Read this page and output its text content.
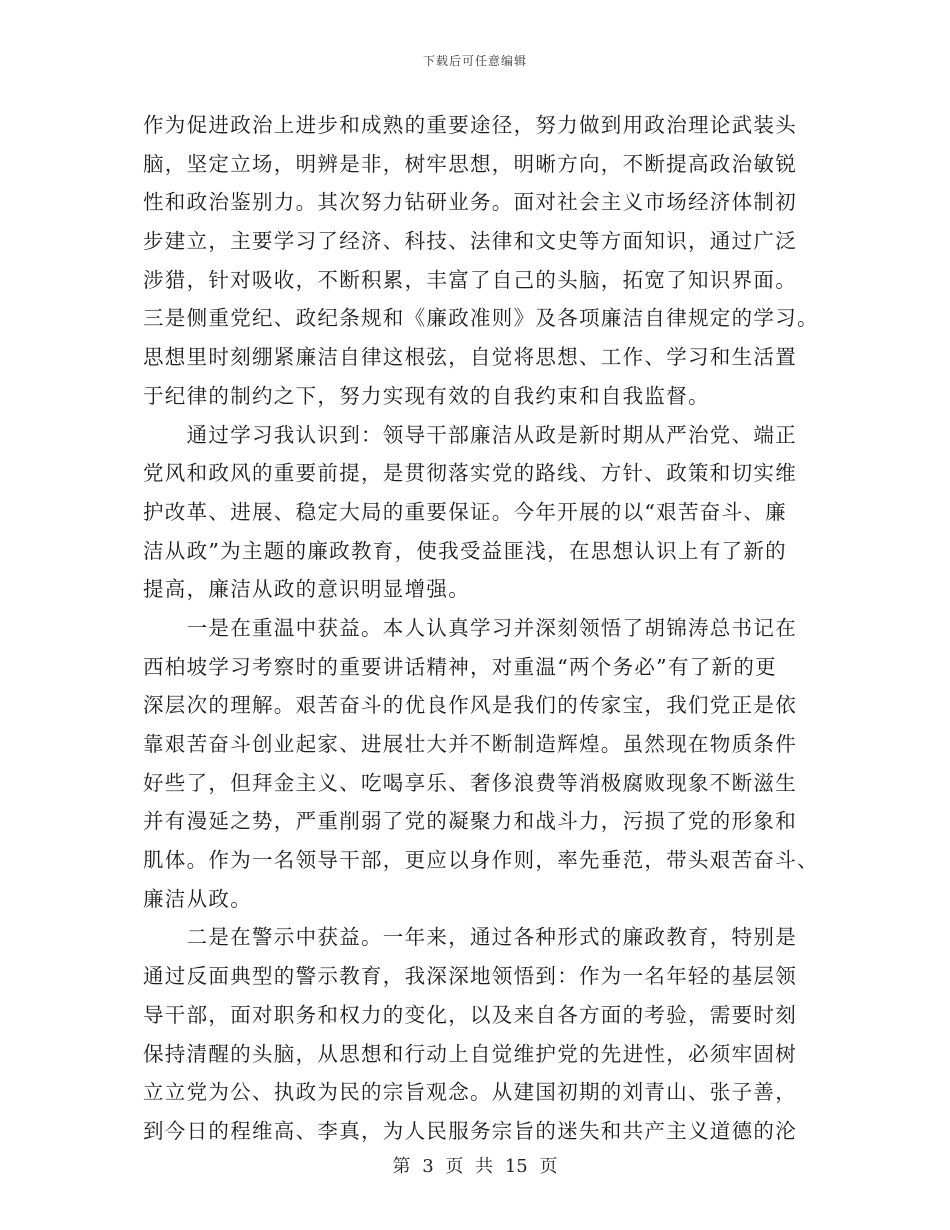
下载后可任意编辑
作为促进政治上进步和成熟的重要途径，努力做到用政治理论武装头
脑，坚定立场，明辨是非，树牢思想，明晰方向，不断提高政治敏锐
性和政治鉴别力。其次努力钻研业务。面对社会主义市场经济体制初
步建立，主要学习了经济、科技、法律和文史等方面知识，通过广泛
涉猎，针对吸收，不断积累，丰富了自己的头脑，拓宽了知识界面。
三是侧重党纪、政纪条规和《廉政准则》及各项廉洁自律规定的学习。
思想里时刻绷紧廉洁自律这根弦，自觉将思想、工作、学习和生活置
于纪律的制约之下，努力实现有效的自我约束和自我监督。
　　通过学习我认识到：领导干部廉洁从政是新时期从严治党、端正
党风和政风的重要前提，是贯彻落实党的路线、方针、政策和切实维
护改革、进展、稳定大局的重要保证。今年开展的以“艰苦奋斗、廉
洁从政”为主题的廉政教育，使我受益匪浅，在思想认识上有了新的
提高，廉洁从政的意识明显增强。
　　一是在重温中获益。本人认真学习并深刻领悟了胡锦涛总书记在
西柏坡学习考察时的重要讲话精神，对重温“两个务必”有了新的更
深层次的理解。艰苦奋斗的优良作风是我们的传家宝，我们党正是依
靠艰苦奋斗创业起家、进展壮大并不断制造辉煌。虽然现在物质条件
好些了，但拜金主义、吃喝享乐、奢侈浪费等消极腐败现象不断滋生
并有漫延之势，严重削弱了党的凝聚力和战斗力，污损了党的形象和
肌体。作为一名领导干部，更应以身作则，率先垂范，带头艰苦奋斗、
廉洁从政。
　　二是在警示中获益。一年来，通过各种形式的廉政教育，特别是
通过反面典型的警示教育，我深深地领悟到：作为一名年轻的基层领
导干部，面对职务和权力的变化，以及来自各方面的考验，需要时刻
保持清醒的头脑，从思想和行动上自觉维护党的先进性，必须牢固树
立立党为公、执政为民的宗旨观念。从建国初期的刘青山、张子善，
到今日的程维高、李真，为人民服务宗旨的迷失和共产主义道德的沦
第 3 页 共 15 页
